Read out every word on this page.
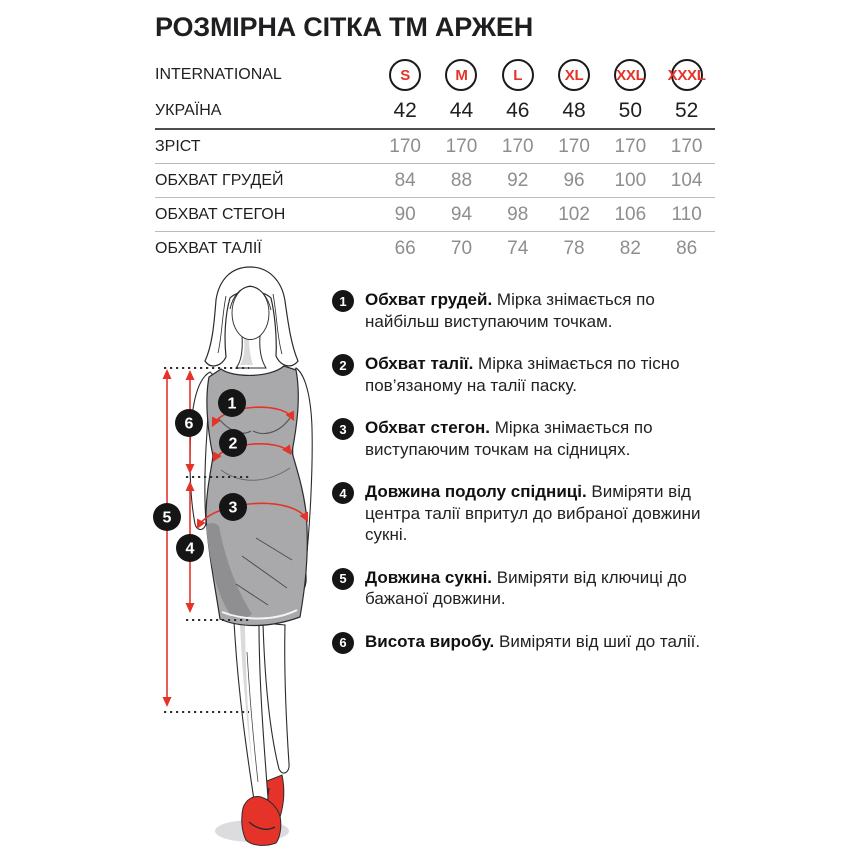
РОЗМІРНА СІТКА ТМ АРЖЕН
INTERNATIONAL	S	M	L	XL XXL XXXL
УКРАЇНА	42	44	46	48	50	52
ЗРІСТ	170	170	170	170	170	170
ОБХВАТ ГРУДЕЙ	84	88	92	96	100	104
ОБХВАТ СТЕГОН	90	94	98	102	106	110
ОБХВАТ ТАЛІЇ	66	70	74	78	82	86
1
2
3
4
5
6
1	Обхват грудей. Мірка знімається по найбільш виступаючим точкам.
2	Обхват талії. Мірка знімається по тісно пов’язаному на талії паску.
3	Обхват стегон. Мірка знімається по виступаючим точкам на сідницях.
4	Довжина подолу спідниці. Виміряти від центра талії впритул до вибраної довжини сукні.
5	Довжина сукні. Виміряти від ключиці до бажаної довжини.
6	Висота виробу. Виміряти від шиї до талії.
